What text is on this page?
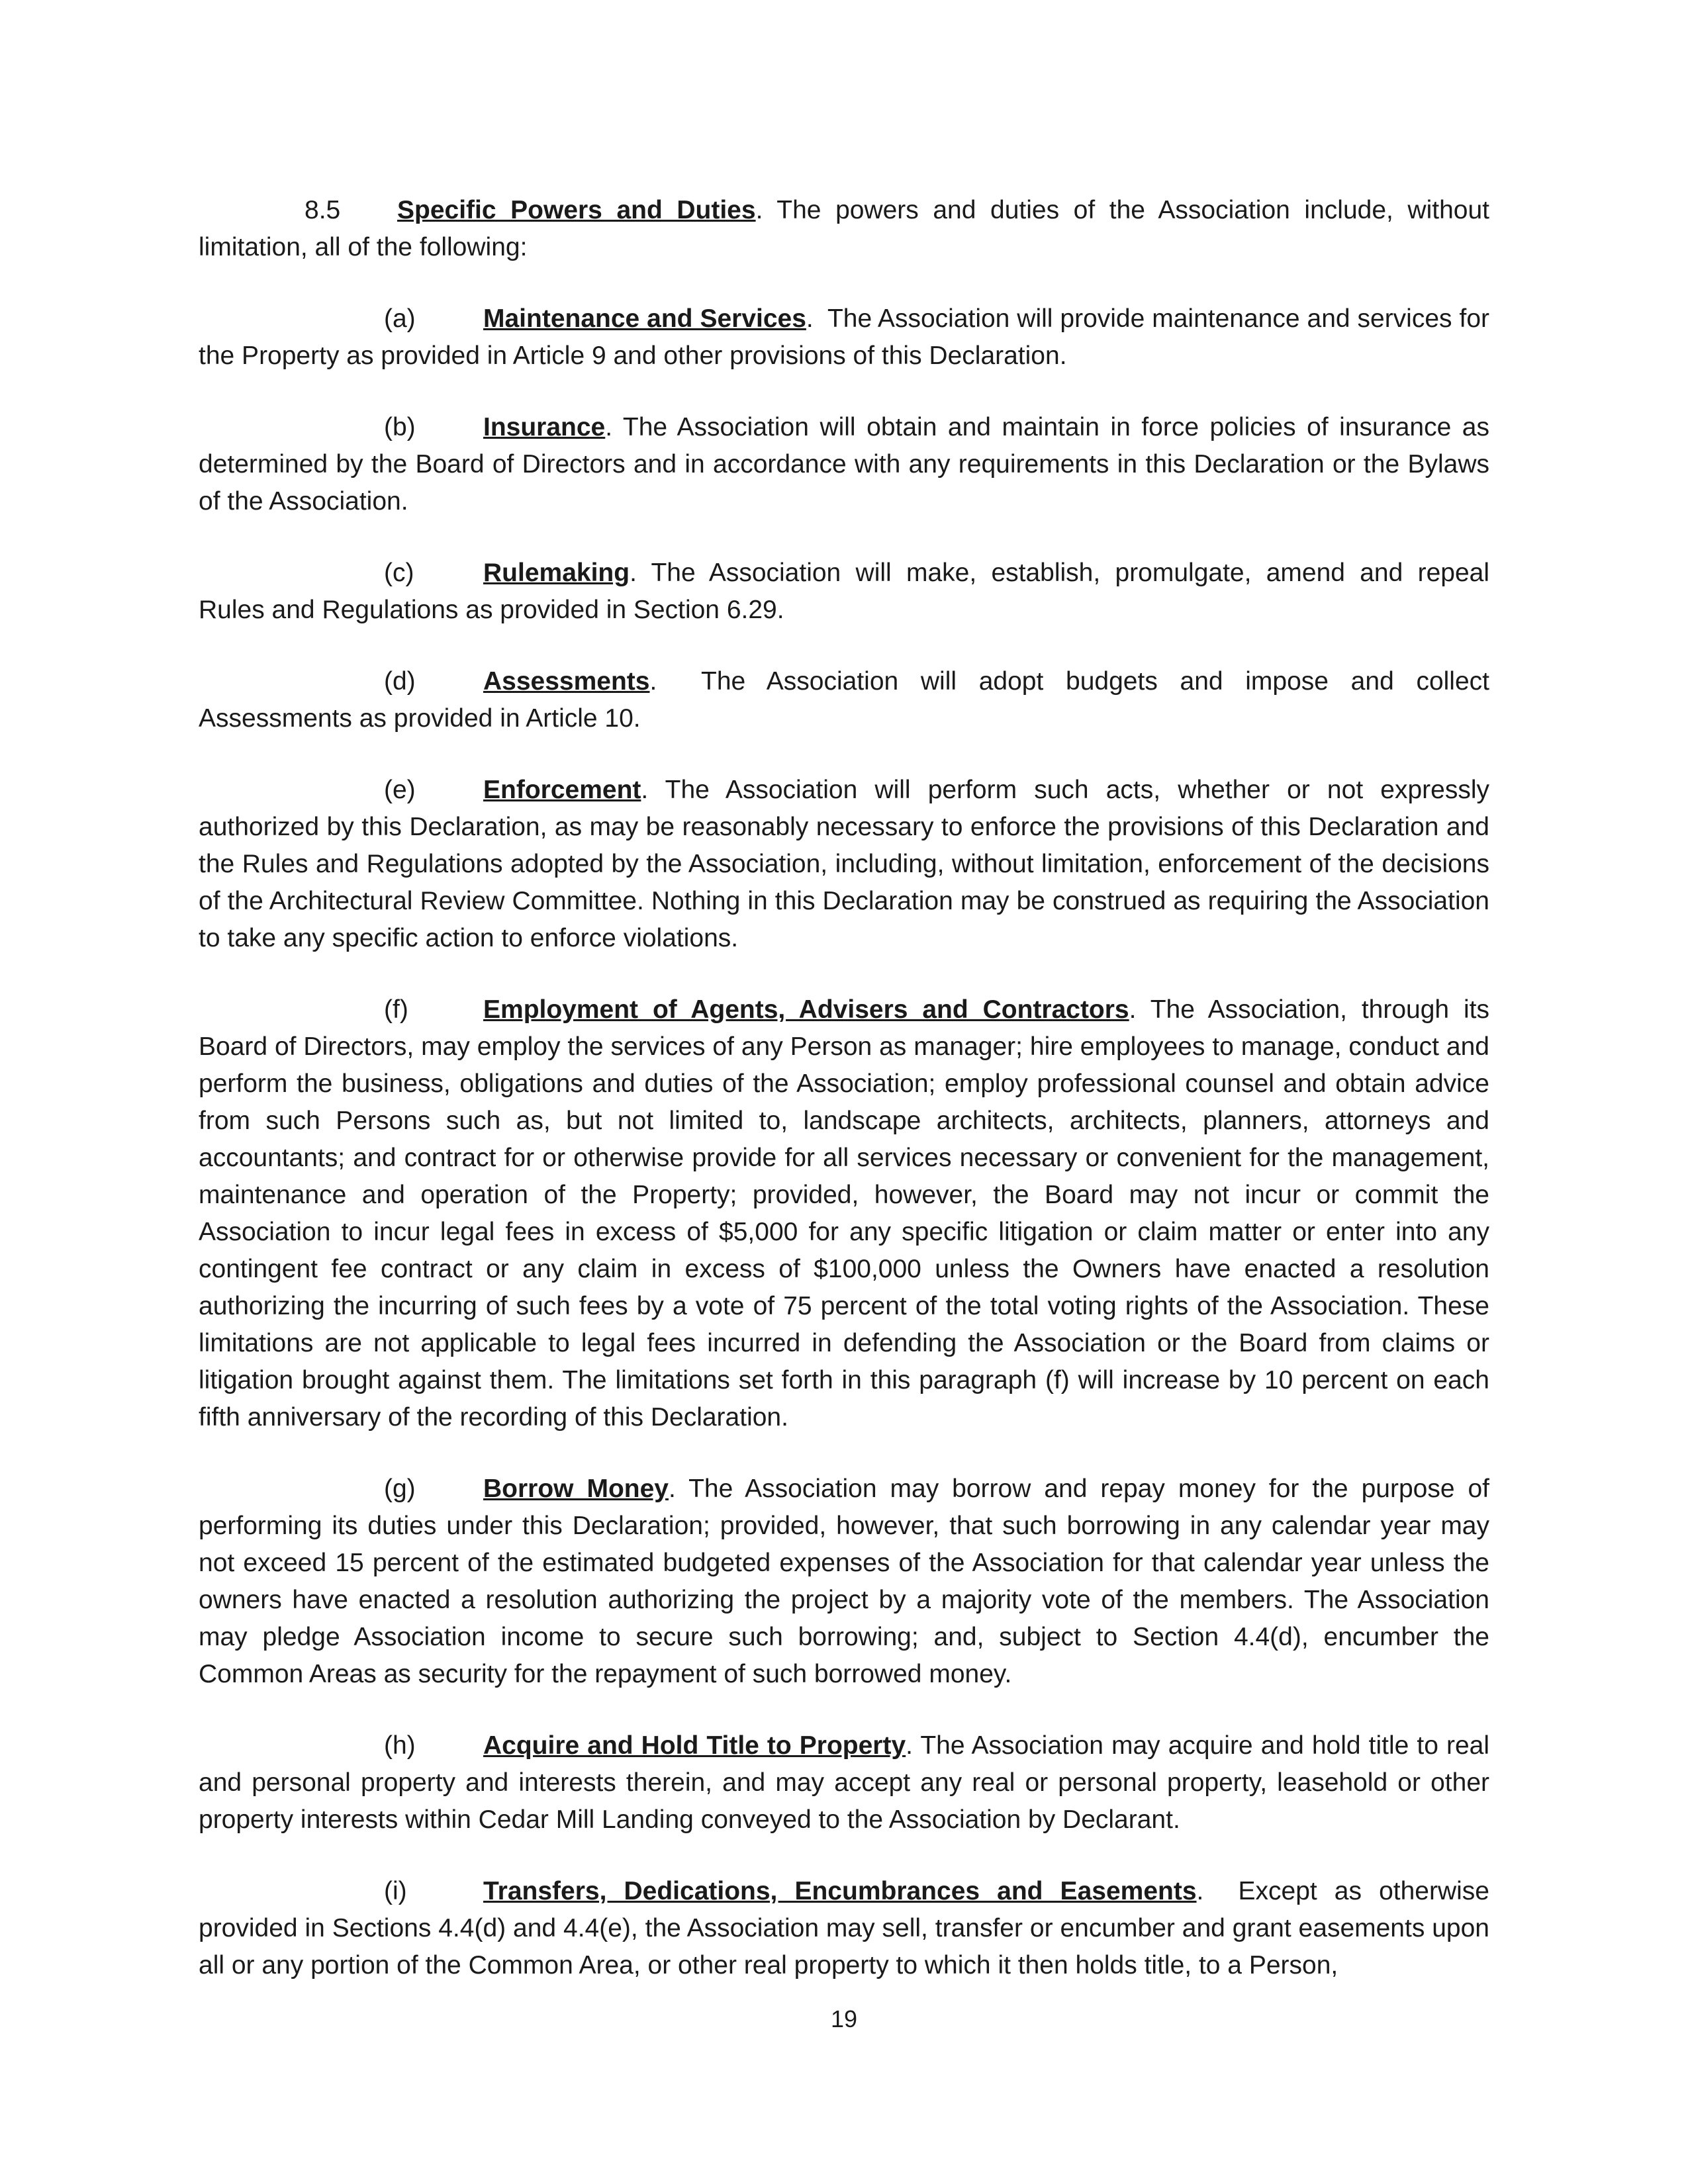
8.5 Specific Powers and Duties. The powers and duties of the Association include, without limitation, all of the following:

(a)	Maintenance and Services.  The Association will provide maintenance and services for the Property as provided in Article 9 and other provisions of this Declaration.

(b)	Insurance. The Association will obtain and maintain in force policies of insurance as determined by the Board of Directors and in accordance with any requirements in this Declaration or the Bylaws of the Association.

(c)	Rulemaking. The Association will make, establish, promulgate, amend and repeal Rules and Regulations as provided in Section 6.29.

(d)	Assessments.  The Association will adopt budgets and impose and collect Assessments as provided in Article 10.

(e)	Enforcement. The Association will perform such acts, whether or not expressly authorized by this Declaration, as may be reasonably necessary to enforce the provisions of this Declaration and the Rules and Regulations adopted by the Association, including, without limitation, enforcement of the decisions of the Architectural Review Committee. Nothing in this Declaration may be construed as requiring the Association to take any specific action to enforce violations.

(f)	Employment of Agents, Advisers and Contractors. The Association, through its Board of Directors, may employ the services of any Person as manager; hire employees to manage, conduct and perform the business, obligations and duties of the Association; employ professional counsel and obtain advice from such Persons such as, but not limited to, landscape architects, architects, planners, attorneys and accountants; and contract for or otherwise provide for all services necessary or convenient for the management, maintenance and operation of the Property; provided, however, the Board may not incur or commit the Association to incur legal fees in excess of $5,000 for any specific litigation or claim matter or enter into any contingent fee contract or any claim in excess of $100,000 unless the Owners have enacted a resolution authorizing the incurring of such fees by a vote of 75 percent of the total voting rights of the Association. These limitations are not applicable to legal fees incurred in defending the Association or the Board from claims or litigation brought against them. The limitations set forth in this paragraph (f) will increase by 10 percent on each fifth anniversary of the recording of this Declaration.

(g)	Borrow Money. The Association may borrow and repay money for the purpose of performing its duties under this Declaration; provided, however, that such borrowing in any calendar year may not exceed 15 percent of the estimated budgeted expenses of the Association for that calendar year unless the owners have enacted a resolution authorizing the project by a majority vote of the members. The Association may pledge Association income to secure such borrowing; and, subject to Section 4.4(d), encumber the Common Areas as security for the repayment of such borrowed money.

(h)	Acquire and Hold Title to Property. The Association may acquire and hold title to real and personal property and interests therein, and may accept any real or personal property, leasehold or other property interests within Cedar Mill Landing conveyed to the Association by Declarant.

(i)	Transfers, Dedications, Encumbrances and Easements.  Except as otherwise provided in Sections 4.4(d) and 4.4(e), the Association may sell, transfer or encumber and grant easements upon all or any portion of the Common Area, or other real property to which it then holds title, to a Person,

19
